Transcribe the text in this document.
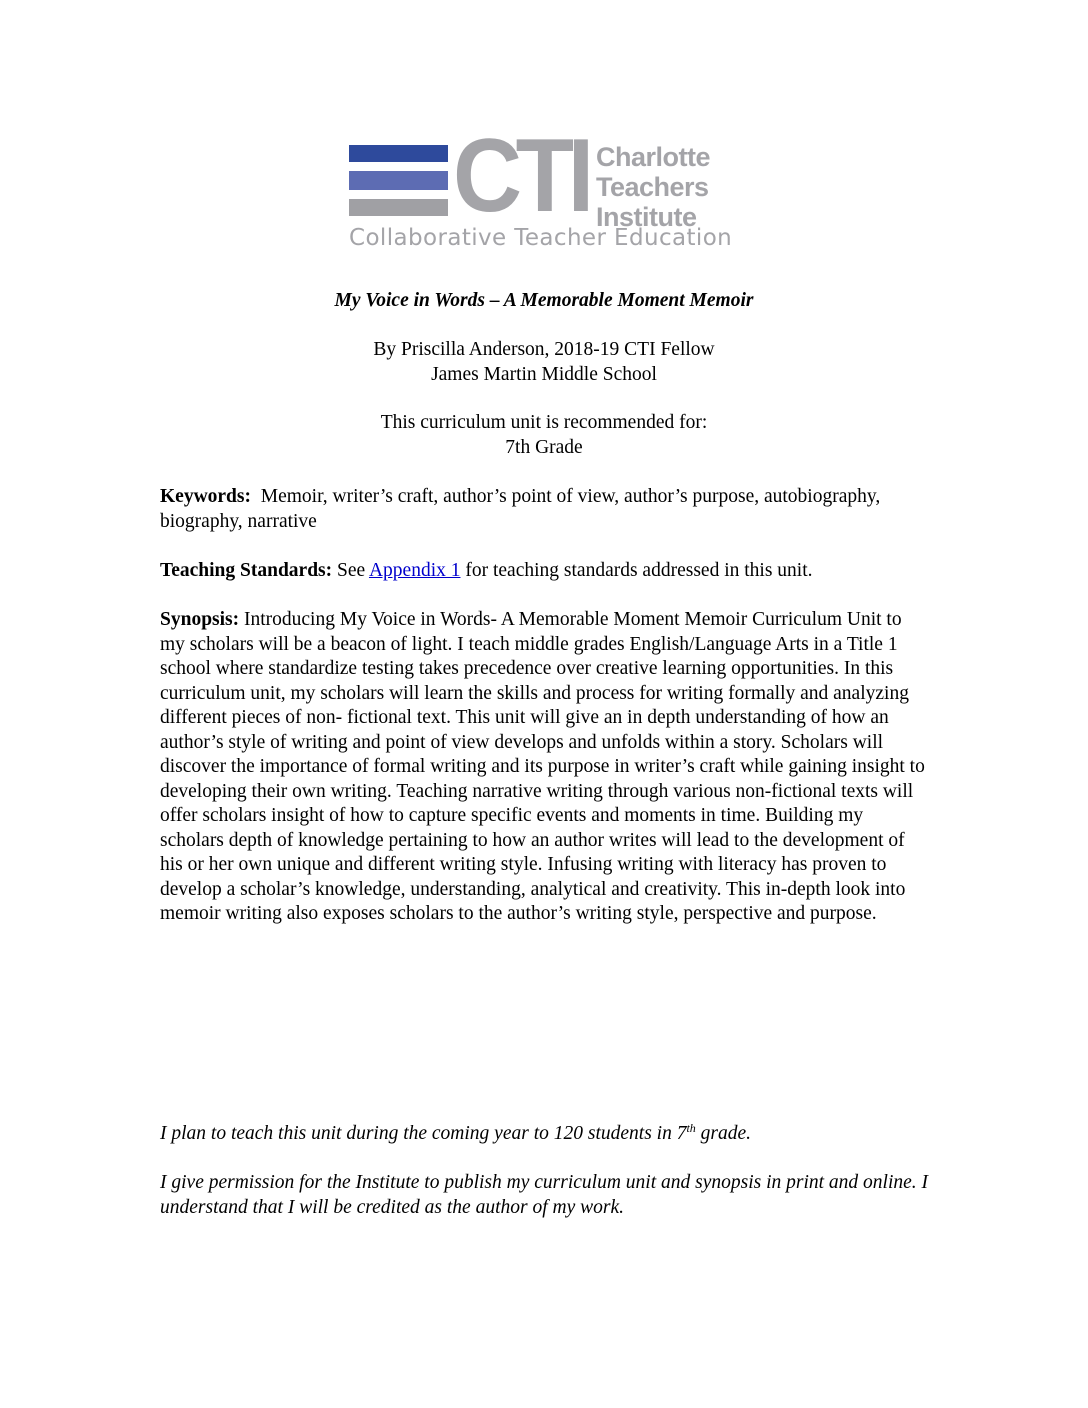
CTI Charlotte
Teachers
Institute
Collaborative Teacher Education
My Voice in Words – A Memorable Moment Memoir
By Priscilla Anderson, 2018-19 CTI Fellow
James Martin Middle School
This curriculum unit is recommended for:
7th Grade
Keywords: Memoir, writer’s craft, author’s point of view, author’s purpose, autobiography, biography, narrative
Teaching Standards: See Appendix 1 for teaching standards addressed in this unit.
Synopsis: Introducing My Voice in Words- A Memorable Moment Memoir Curriculum Unit to my scholars will be a beacon of light. I teach middle grades English/Language Arts in a Title 1 school where standardize testing takes precedence over creative learning opportunities. In this curriculum unit, my scholars will learn the skills and process for writing formally and analyzing different pieces of non- fictional text. This unit will give an in depth understanding of how an author’s style of writing and point of view develops and unfolds within a story. Scholars will discover the importance of formal writing and its purpose in writer’s craft while gaining insight to developing their own writing. Teaching narrative writing through various non-fictional texts will offer scholars insight of how to capture specific events and moments in time. Building my scholars depth of knowledge pertaining to how an author writes will lead to the development of his or her own unique and different writing style. Infusing writing with literacy has proven to develop a scholar’s knowledge, understanding, analytical and creativity. This in-depth look into memoir writing also exposes scholars to the author’s writing style, perspective and purpose.
I plan to teach this unit during the coming year to 120 students in 7th grade.
I give permission for the Institute to publish my curriculum unit and synopsis in print and online. I understand that I will be credited as the author of my work.
